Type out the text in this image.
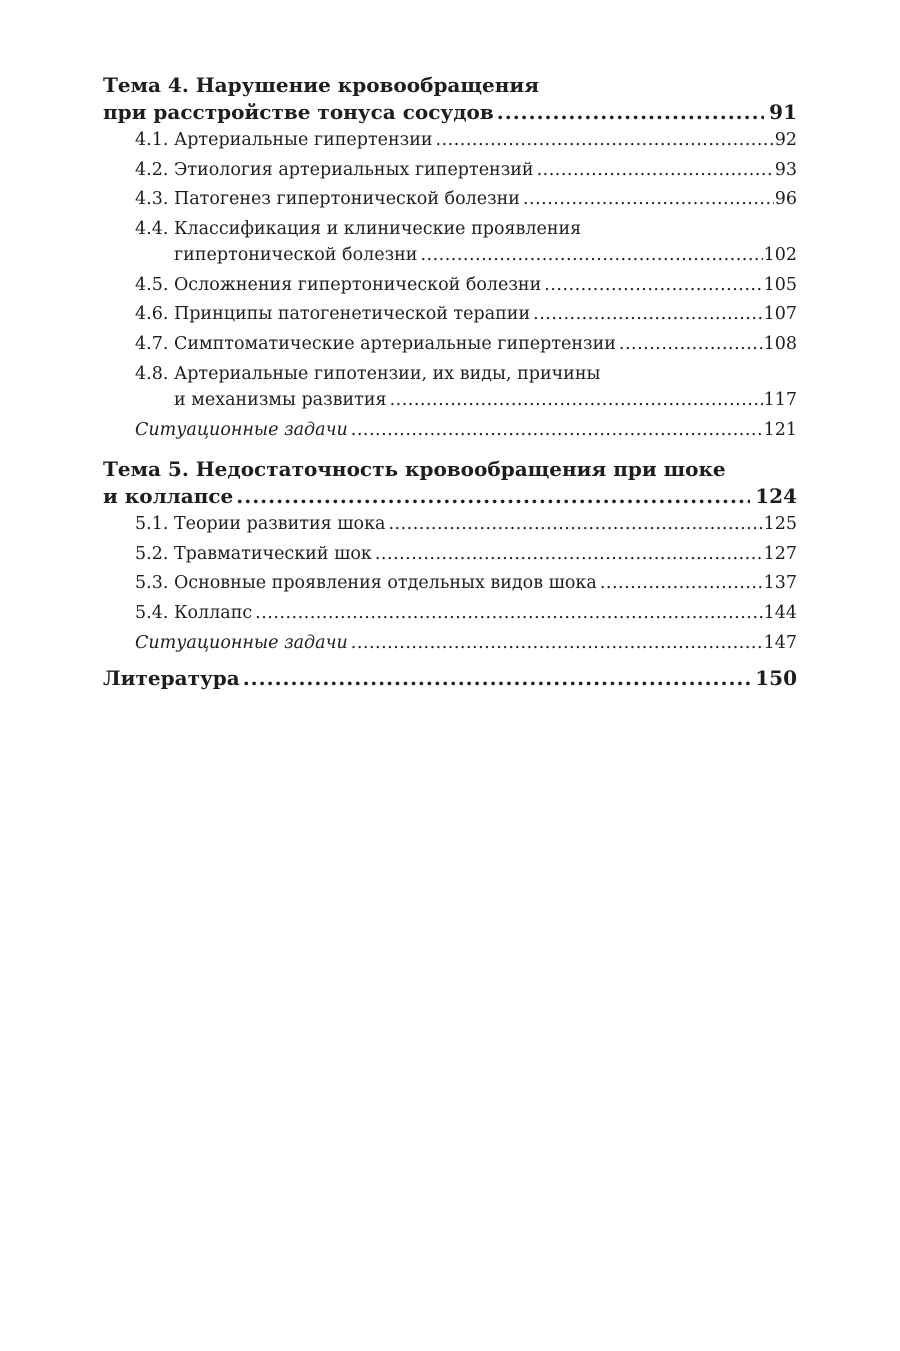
Тема 4. Нарушение кровообращения
при расстройстве тонуса сосудов .....	91
4.1. Артериальные гипертензии .....	92
4.2. Этиология артериальных гипертензий .....	93
4.3. Патогенез гипертонической болезни .....	96
4.4. Классификация и клинические проявления
гипертонической болезни .....	102
4.5. Осложнения гипертонической болезни .....	105
4.6. Принципы патогенетической терапии .....	107
4.7. Симптоматические артериальные гипертензии .....	108
4.8. Артериальные гипотензии, их виды, причины
и механизмы развития .....	117
Ситуационные задачи .....	121
Тема 5. Недостаточность кровообращения при шоке
и коллапсе .....	124
5.1. Теории развития шока .....	125
5.2. Травматический шок .....	127
5.3. Основные проявления отдельных видов шока .....	137
5.4. Коллапс .....	144
Ситуационные задачи .....	147
Литература .....	150
